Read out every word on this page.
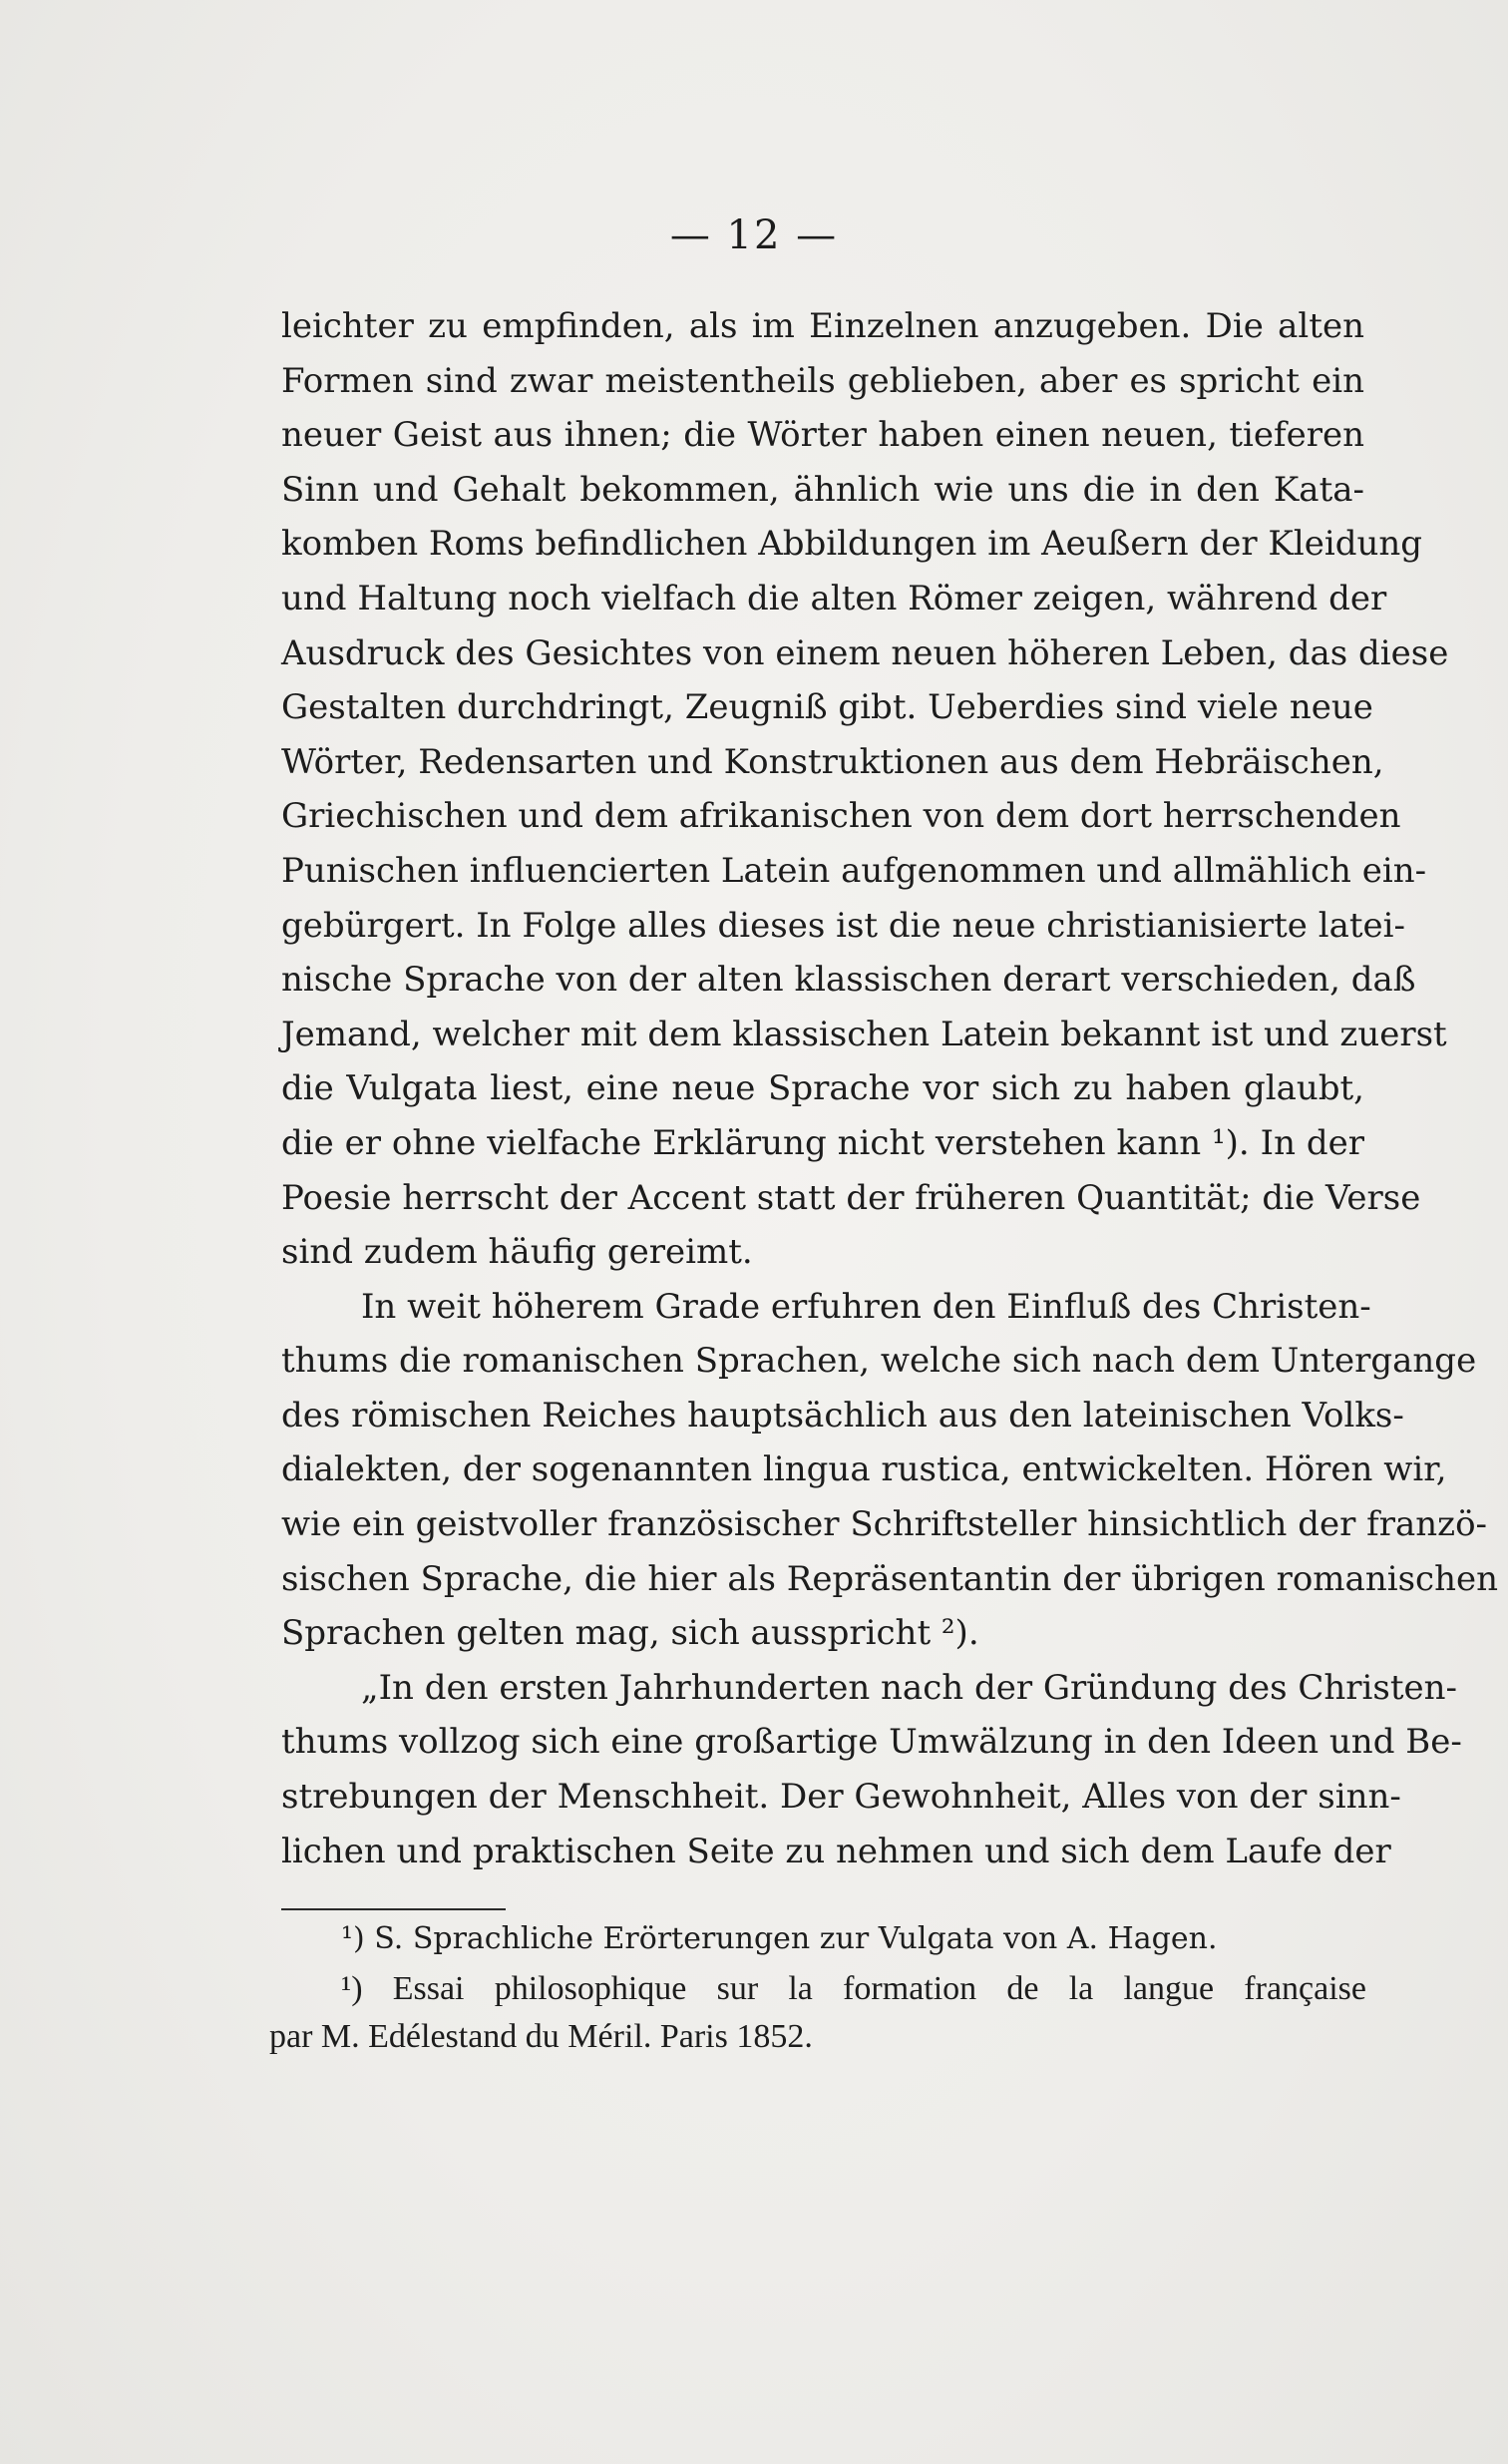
— 12 —
leichter zu empfinden, als im Einzelnen anzugeben. Die alten
Formen sind zwar meistentheils geblieben, aber es spricht ein
neuer Geist aus ihnen; die Wörter haben einen neuen, tieferen
Sinn und Gehalt bekommen, ähnlich wie uns die in den Kata-
komben Roms befindlichen Abbildungen im Aeußern der Kleidung
und Haltung noch vielfach die alten Römer zeigen, während der
Ausdruck des Gesichtes von einem neuen höheren Leben, das diese
Gestalten durchdringt, Zeugniß gibt. Ueberdies sind viele neue
Wörter, Redensarten und Konstruktionen aus dem Hebräischen,
Griechischen und dem afrikanischen von dem dort herrschenden
Punischen influencierten Latein aufgenommen und allmählich ein-
gebürgert. In Folge alles dieses ist die neue christianisierte latei-
nische Sprache von der alten klassischen derart verschieden, daß
Jemand, welcher mit dem klassischen Latein bekannt ist und zuerst
die Vulgata liest, eine neue Sprache vor sich zu haben glaubt,
die er ohne vielfache Erklärung nicht verstehen kann ¹). In der
Poesie herrscht der Accent statt der früheren Quantität; die Verse
sind zudem häufig gereimt.
In weit höherem Grade erfuhren den Einfluß des Christen-
thums die romanischen Sprachen, welche sich nach dem Untergange
des römischen Reiches hauptsächlich aus den lateinischen Volks-
dialekten, der sogenannten lingua rustica, entwickelten. Hören wir,
wie ein geistvoller französischer Schriftsteller hinsichtlich der franzö-
sischen Sprache, die hier als Repräsentantin der übrigen romanischen
Sprachen gelten mag, sich ausspricht ²).
„In den ersten Jahrhunderten nach der Gründung des Christen-
thums vollzog sich eine großartige Umwälzung in den Ideen und Be-
strebungen der Menschheit. Der Gewohnheit, Alles von der sinn-
lichen und praktischen Seite zu nehmen und sich dem Laufe der
¹) S. Sprachliche Erörterungen zur Vulgata von A. Hagen.
¹) Essai philosophique sur la formation de la langue française
par M. Edélestand du Méril. Paris 1852.
